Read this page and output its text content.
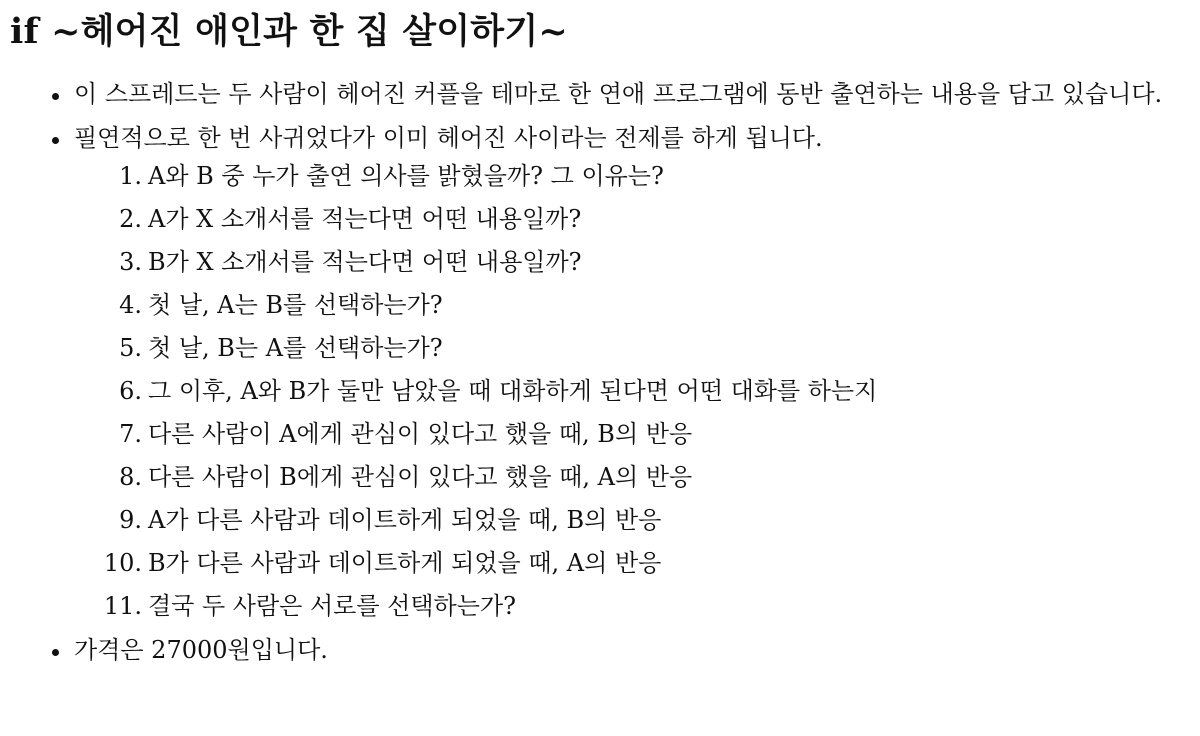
if ~헤어진 애인과 한 집 살이하기~
이 스프레드는 두 사람이 헤어진 커플을 테마로 한 연애 프로그램에 동반 출연하는 내용을 담고 있습니다.
필연적으로 한 번 사귀었다가 이미 헤어진 사이라는 전제를 하게 됩니다.
1. A와 B 중 누가 출연 의사를 밝혔을까? 그 이유는?
2. A가 X 소개서를 적는다면 어떤 내용일까?
3. B가 X 소개서를 적는다면 어떤 내용일까?
4. 첫 날, A는 B를 선택하는가?
5. 첫 날, B는 A를 선택하는가?
6. 그 이후, A와 B가 둘만 남았을 때 대화하게 된다면 어떤 대화를 하는지
7. 다른 사람이 A에게 관심이 있다고 했을 때, B의 반응
8. 다른 사람이 B에게 관심이 있다고 했을 때, A의 반응
9. A가 다른 사람과 데이트하게 되었을 때, B의 반응
10. B가 다른 사람과 데이트하게 되었을 때, A의 반응
11. 결국 두 사람은 서로를 선택하는가?
가격은 27000원입니다.
